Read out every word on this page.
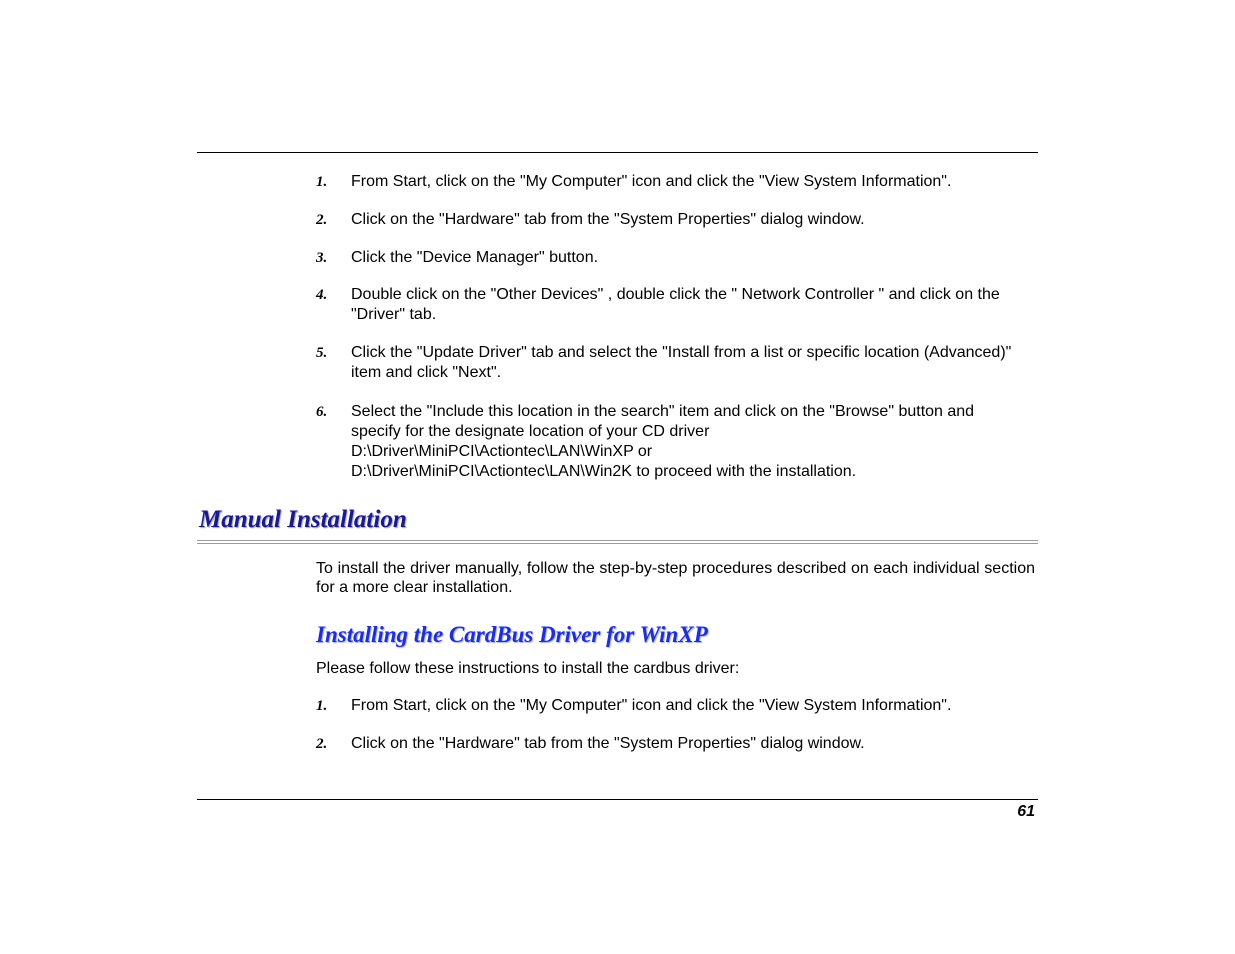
1. From Start, click on the "My Computer" icon and click the "View System Information".
2. Click on the "Hardware" tab from the "System Properties" dialog window.
3. Click the "Device Manager" button.
4. Double click on the "Other Devices" , double click the " Network Controller " and click on the "Driver" tab.
5. Click the "Update Driver" tab and select the "Install from a list or specific location (Advanced)" item and click "Next".
6. Select the "Include this location in the search" item and click on the "Browse" button and
specify for the designate location of your CD driver
D:\Driver\MiniPCI\Actiontec\LAN\WinXP or
D:\Driver\MiniPCI\Actiontec\LAN\Win2K to proceed with the installation.
Manual Installation

To install the driver manually, follow the step-by-step procedures described on each individual section for a more clear installation.

Installing the CardBus Driver for WinXP

Please follow these instructions to install the cardbus driver:

1. From Start, click on the "My Computer" icon and click the "View System Information".
2. Click on the "Hardware" tab from the "System Properties" dialog window.
61
